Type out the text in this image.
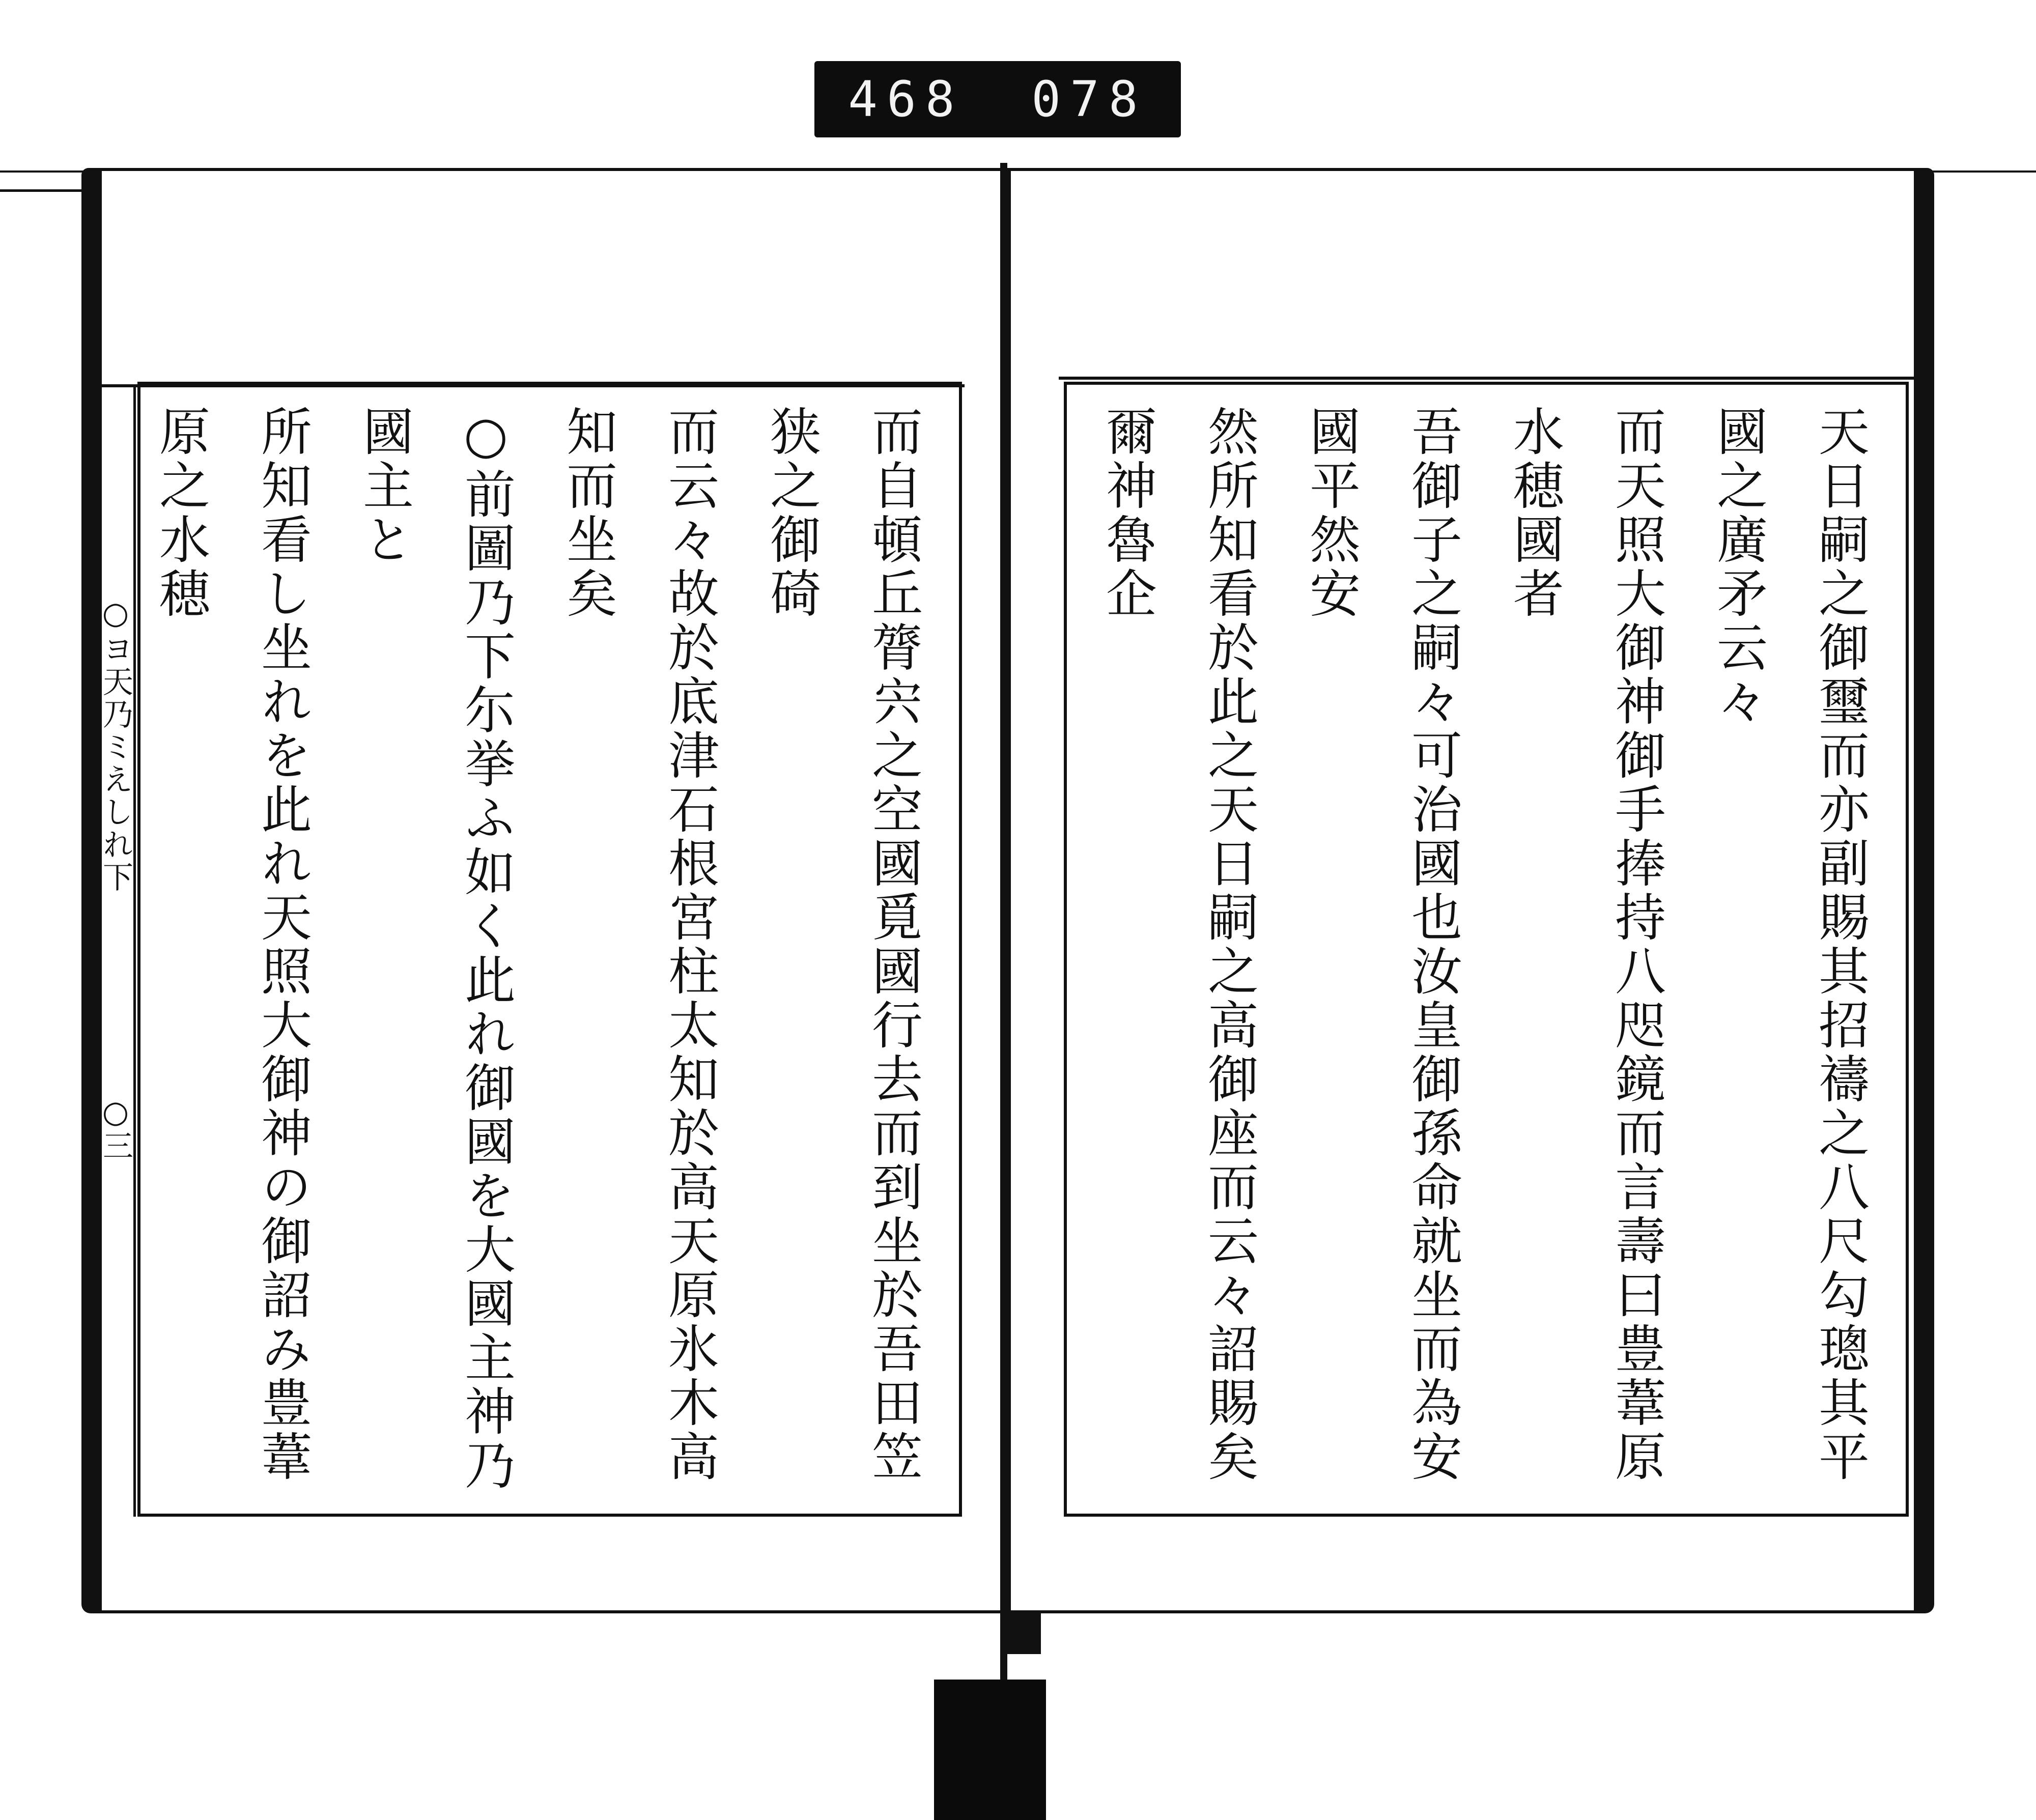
468 078
○ヨ天乃ミえしれ下
○三	而自頓丘膂宍之空國覓國行去而到坐於吾田笠狭之御碕
而云々故於底津石根宮柱太知於高天原氷木高知而坐矣
○前圖乃下尓挙ふ如く此れ御國を大國主神乃國主と
所知看し坐れを此れ天照大御神の御詔み豊葦原之水穂	天日嗣之御璽而亦副賜其招禱之八尺勾璁其平國之廣矛云々
而天照大御神御手捧持八咫鏡而言壽曰豊葦原水穂國者
吾御子之嗣々可治國也汝皇御孫命就坐而為安國平然安
然所知看於此之天日嗣之高御座而云々詔賜矣爾神魯企
